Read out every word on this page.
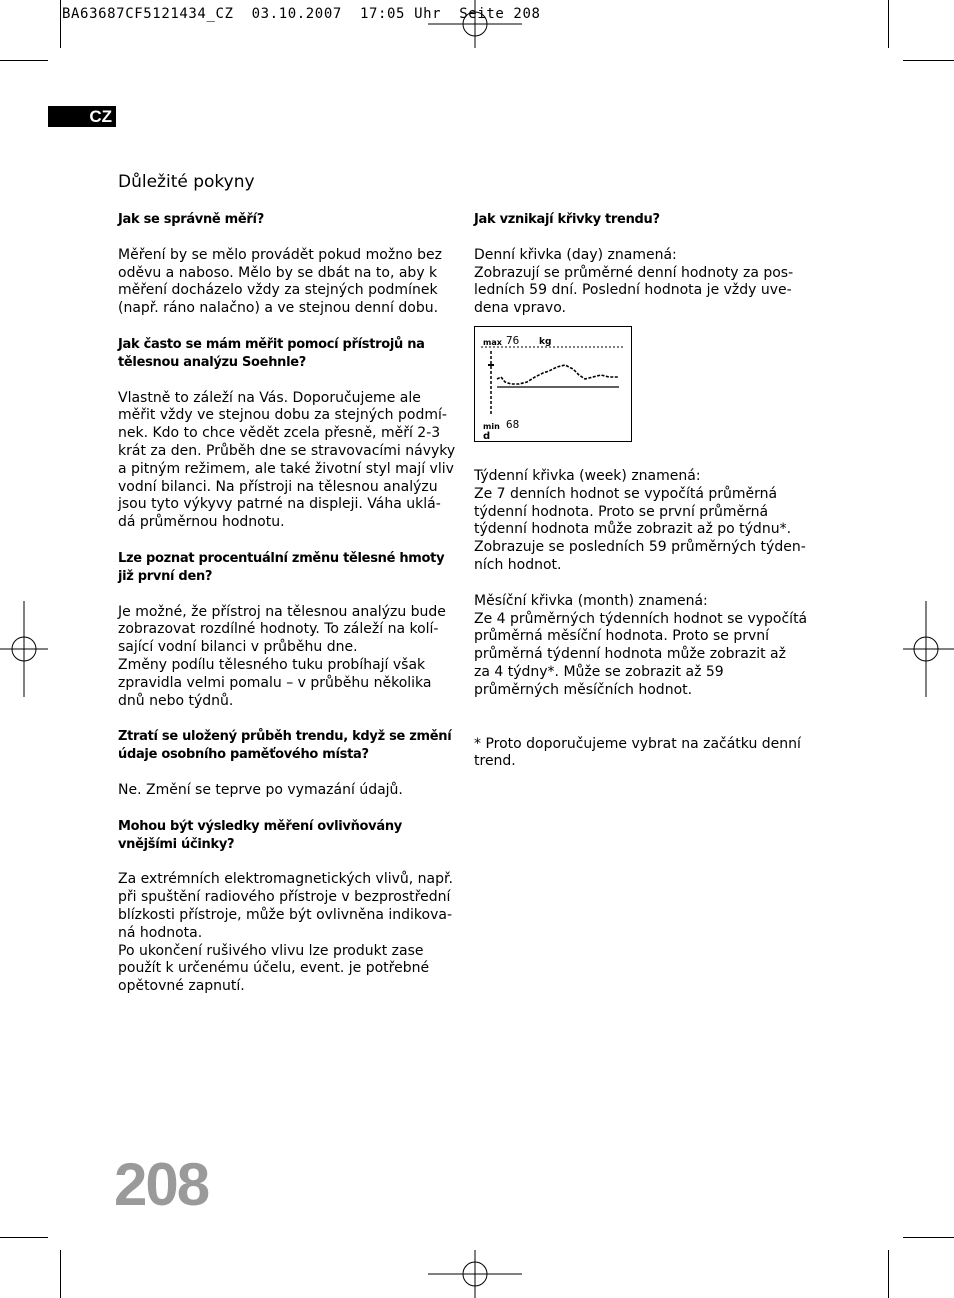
BA63687CF5121434_CZ  03.10.2007  17:05 Uhr  Seite 208
CZ
Důležité pokyny
Jak se správně měří?
Měření by se mělo provádět pokud možno bez
oděvu a naboso. Mělo by se dbát na to, aby k
měření docházelo vždy za stejných podmínek
(např. ráno nalačno) a ve stejnou denní dobu.
Jak často se mám měřit pomocí přístrojů na tělesnou analýzu Soehnle?
Vlastně to záleží na Vás. Doporučujeme ale
měřit vždy ve stejnou dobu za stejných podmí-
nek. Kdo to chce vědět zcela přesně, měří 2-3
krát za den. Průběh dne se stravovacími návyky
a pitným režimem, ale také životní styl mají vliv
vodní bilanci. Na přístroji na tělesnou analýzu
jsou tyto výkyvy patrné na displeji. Váha uklá-
dá průměrnou hodnotu.
Lze poznat procentuální změnu tělesné hmoty již první den?
Je možné, že přístroj na tělesnou analýzu bude
zobrazovat rozdílné hodnoty. To záleží na kolí-
sající vodní bilanci v průběhu dne.
Změny podílu tělesného tuku probíhají však
zpravidla velmi pomalu – v průběhu několika
dnů nebo týdnů.
Ztratí se uložený průběh trendu, když se změní údaje osobního paměťového místa?
Ne. Změní se teprve po vymazání údajů.
Mohou být výsledky měření ovlivňovány vnějšími účinky?
Za extrémních elektromagnetických vlivů, např.
při spuštění radiového přístroje v bezprostřední
blízkosti přístroje, může být ovlivněna indikova-
ná hodnota.
Po ukončení rušivého vlivu lze produkt zase
použít k určenému účelu, event. je potřebné
opětovné zapnutí.
Jak vznikají křivky trendu?
Denní křivka (day) znamená:
Zobrazují se průměrné denní hodnoty za pos-
ledních 59 dní. Poslední hodnota je vždy uve-
dena vpravo.
max 76 kg
min 68
d
Týdenní křivka (week) znamená:
Ze 7 denních hodnot se vypočítá průměrná
týdenní hodnota. Proto se první průměrná
týdenní hodnota může zobrazit až po týdnu*.
Zobrazuje se posledních 59 průměrných týden-
ních hodnot.
Měsíční křivka (month) znamená:
Ze 4 průměrných týdenních hodnot se vypočítá
průměrná měsíční hodnota. Proto se první
průměrná týdenní hodnota může zobrazit až
za 4 týdny*. Může se zobrazit až 59
průměrných měsíčních hodnot.
* Proto doporučujeme vybrat na začátku denní
trend.
208
